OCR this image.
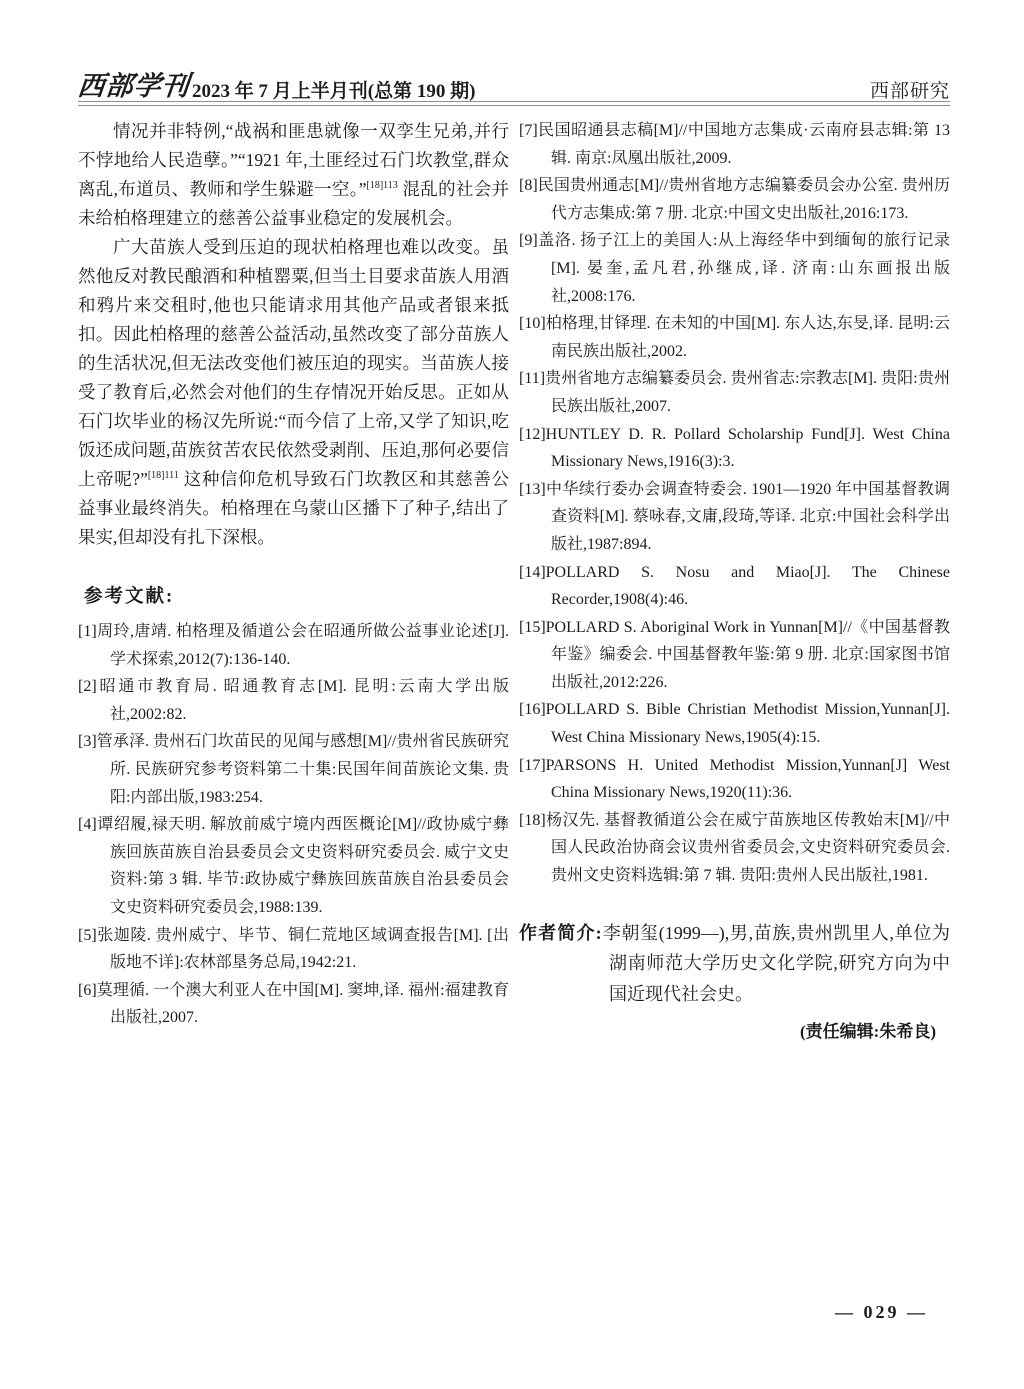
西部学刊 2023 年 7 月上半月刊(总第 190 期)	西部研究

情况并非特例,“战祸和匪患就像一双孪生兄弟,并行不悖地给人民造孽。”“1921 年,土匪经过石门坎教堂,群众离乱,布道员、教师和学生躲避一空。”$^{[18]113}$ 混乱的社会并未给柏格理建立的慈善公益事业稳定的发展机会。

广大苗族人受到压迫的现状柏格理也难以改变。虽然他反对教民酿酒和种植罂粟,但当土目要求苗族人用酒和鸦片来交租时,他也只能请求用其他产品或者银来抵扣。因此柏格理的慈善公益活动,虽然改变了部分苗族人的生活状况,但无法改变他们被压迫的现实。当苗族人接受了教育后,必然会对他们的生存情况开始反思。正如从石门坎毕业的杨汉先所说:“而今信了上帝,又学了知识,吃饭还成问题,苗族贫苦农民依然受剥削、压迫,那何必要信上帝呢?”$^{[18]111}$ 这种信仰危机导致石门坎教区和其慈善公益事业最终消失。柏格理在乌蒙山区播下了种子,结出了果实,但却没有扎下深根。

参考文献:
[1]周玲,唐靖. 柏格理及循道公会在昭通所做公益事业论述[J]. 学术探索,2012(7):136-140.
[2]昭通市教育局. 昭通教育志[M]. 昆明:云南大学出版社,2002:82.
[3]管承泽. 贵州石门坎苗民的见闻与感想[M]//贵州省民族研究所. 民族研究参考资料第二十集:民国年间苗族论文集. 贵阳:内部出版,1983:254.
[4]谭绍履,禄天明. 解放前威宁境内西医概论[M]//政协威宁彝族回族苗族自治县委员会文史资料研究委员会. 威宁文史资料:第 3 辑. 毕节:政协威宁彝族回族苗族自治县委员会文史资料研究委员会,1988:139.
[5]张迦陵. 贵州威宁、毕节、铜仁荒地区域调查报告[M]. [出版地不详]:农林部垦务总局,1942:21.
[6]莫理循. 一个澳大利亚人在中国[M]. 窦坤,译. 福州:福建教育出版社,2007.
[7]民国昭通县志稿[M]//中国地方志集成·云南府县志辑:第 13 辑. 南京:凤凰出版社,2009.
[8]民国贵州通志[M]//贵州省地方志编纂委员会办公室. 贵州历代方志集成:第 7 册. 北京:中国文史出版社,2016:173.
[9]盖洛. 扬子江上的美国人:从上海经华中到缅甸的旅行记录[M]. 晏奎,孟凡君,孙继成,译. 济南:山东画报出版社,2008:176.
[10]柏格理,甘铎理. 在未知的中国[M]. 东人达,东旻,译. 昆明:云南民族出版社,2002.
[11]贵州省地方志编纂委员会. 贵州省志:宗教志[M]. 贵阳:贵州民族出版社,2007.
[12]HUNTLEY D. R. Pollard Scholarship Fund[J]. West China Missionary News,1916(3):3.
[13]中华续行委办会调查特委会. 1901—1920 年中国基督教调查资料[M]. 蔡咏春,文庸,段琦,等译. 北京:中国社会科学出版社,1987:894.
[14]POLLARD S. Nosu and Miao[J]. The Chinese Recorder,1908(4):46.
[15]POLLARD S. Aboriginal Work in Yunnan[M]//《中国基督教年鉴》编委会. 中国基督教年鉴:第 9 册. 北京:国家图书馆出版社,2012:226.
[16]POLLARD S. Bible Christian Methodist Mission,Yunnan[J]. West China Missionary News,1905(4):15.
[17]PARSONS H. United Methodist Mission,Yunnan[J] West China Missionary News,1920(11):36.
[18]杨汉先. 基督教循道公会在威宁苗族地区传教始末[M]//中国人民政治协商会议贵州省委员会,文史资料研究委员会. 贵州文史资料选辑:第 7 辑. 贵阳:贵州人民出版社,1981.
作者简介:李朝玺(1999—),男,苗族,贵州凯里人,单位为湖南师范大学历史文化学院,研究方向为中国近现代社会史。
(责任编辑:朱希良)
— 029 —
